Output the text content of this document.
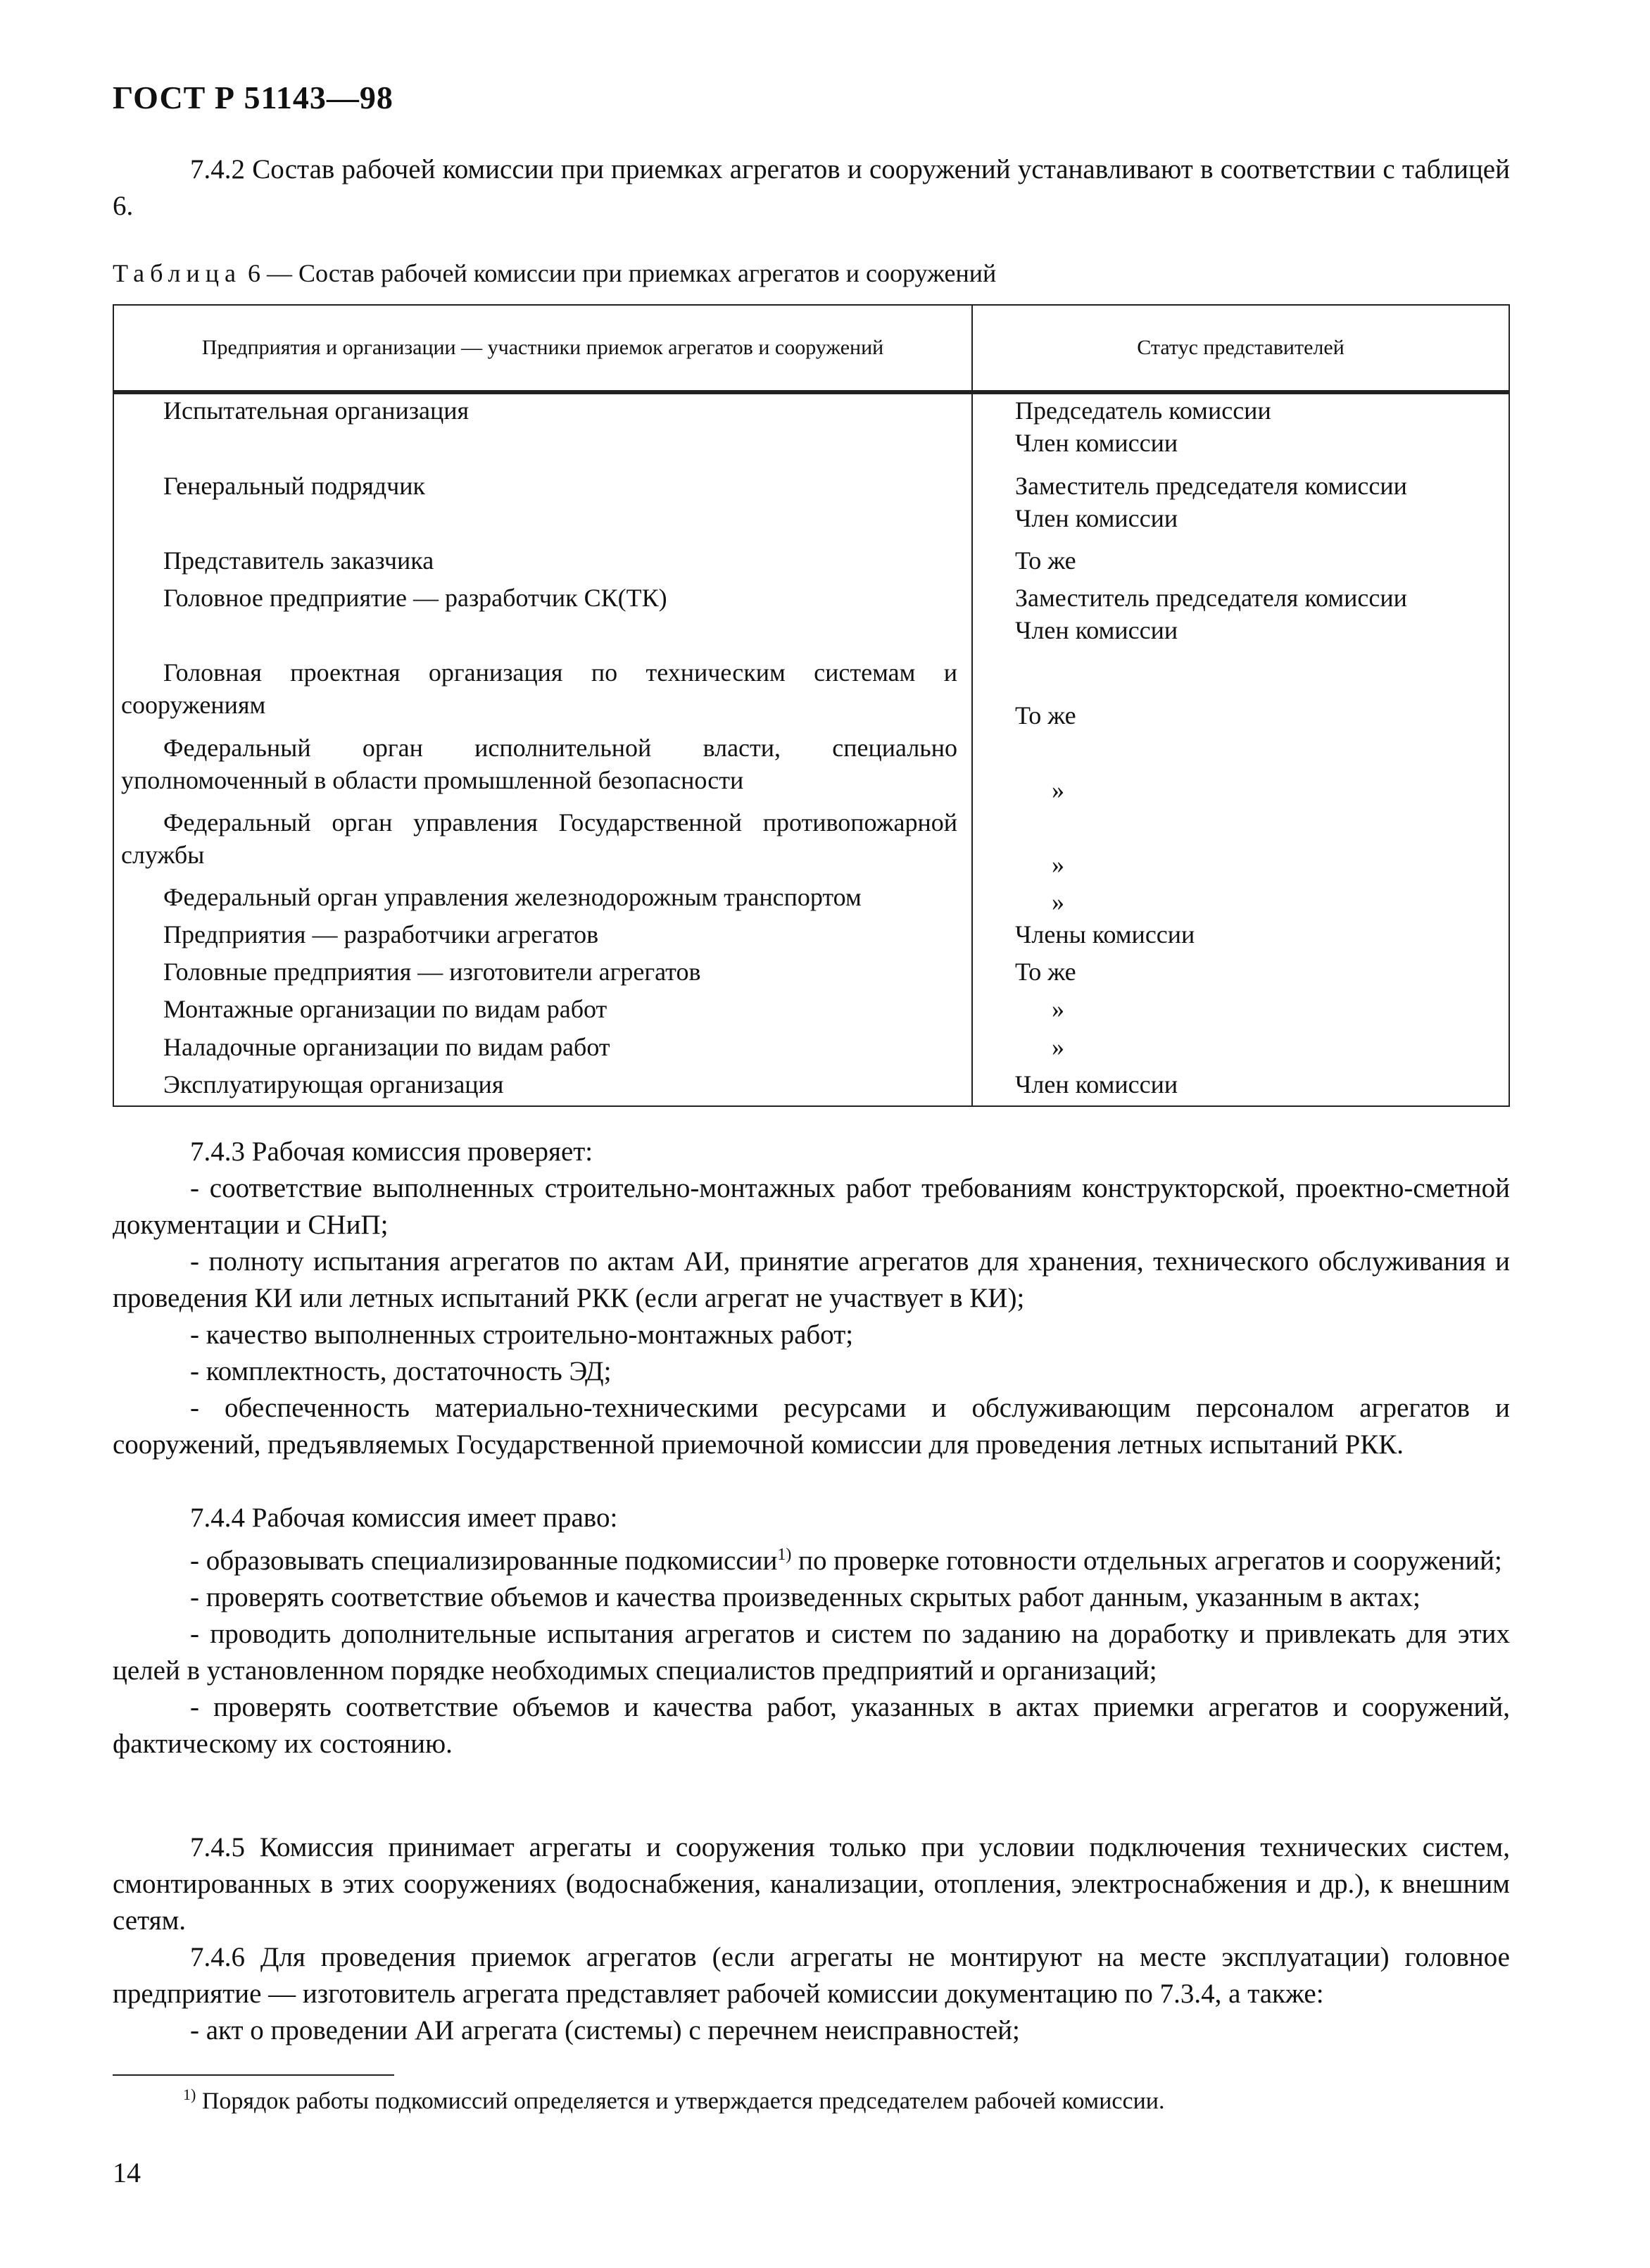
ГОСТ Р 51143—98
7.4.2 Состав рабочей комиссии при приемках агрегатов и сооружений устанавливают в соответствии с таблицей 6.
Таблица 6 — Состав рабочей комиссии при приемках агрегатов и сооружений
Предприятия и организации — участники приемок агрегатов и сооружений	Статус представителей

Испытательная организация	Председатель комиссии
Член комиссии

Генеральный подрядчик	Заместитель председателя комиссии
Член комиссии

Представитель заказчика	То же

Головное предприятие — разработчик СК(ТК)	Заместитель председателя комиссии
Член комиссии

Головная проектная организация по техническим системам и сооружениям	То же

Федеральный орган исполнительной власти, специально уполномоченный в области промышленной безопасности	»

Федеральный орган управления Государственной противопожарной службы	»

Федеральный орган управления железнодорожным транспортом	»

Предприятия — разработчики агрегатов	Члены комиссии

Головные предприятия — изготовители агрегатов	То же

Монтажные организации по видам работ	»

Наладочные организации по видам работ	»

Эксплуатирующая организация	Член комиссии
7.4.3 Рабочая комиссия проверяет:
- соответствие выполненных строительно-монтажных работ требованиям конструкторской, проектно-сметной документации и СНиП;
- полноту испытания агрегатов по актам АИ, принятие агрегатов для хранения, технического обслуживания и проведения КИ или летных испытаний РКК (если агрегат не участвует в КИ);
- качество выполненных строительно-монтажных работ;
- комплектность, достаточность ЭД;
- обеспеченность материально-техническими ресурсами и обслуживающим персоналом агрегатов и сооружений, предъявляемых Государственной приемочной комиссии для проведения летных испытаний РКК.
7.4.4 Рабочая комиссия имеет право:
- образовывать специализированные подкомиссии$^{1)}$ по проверке готовности отдельных агрегатов и сооружений;
- проверять соответствие объемов и качества произведенных скрытых работ данным, указанным в актах;
- проводить дополнительные испытания агрегатов и систем по заданию на доработку и привлекать для этих целей в установленном порядке необходимых специалистов предприятий и организаций;
- проверять соответствие объемов и качества работ, указанных в актах приемки агрегатов и сооружений, фактическому их состоянию.
7.4.5 Комиссия принимает агрегаты и сооружения только при условии подключения технических систем, смонтированных в этих сооружениях (водоснабжения, канализации, отопления, электроснабжения и др.), к внешним сетям.
7.4.6 Для проведения приемок агрегатов (если агрегаты не монтируют на месте эксплуатации) головное предприятие — изготовитель агрегата представляет рабочей комиссии документацию по 7.3.4, а также:
- акт о проведении АИ агрегата (системы) с перечнем неисправностей;
$^{1)}$ Порядок работы подкомиссий определяется и утверждается председателем рабочей комиссии.
14
